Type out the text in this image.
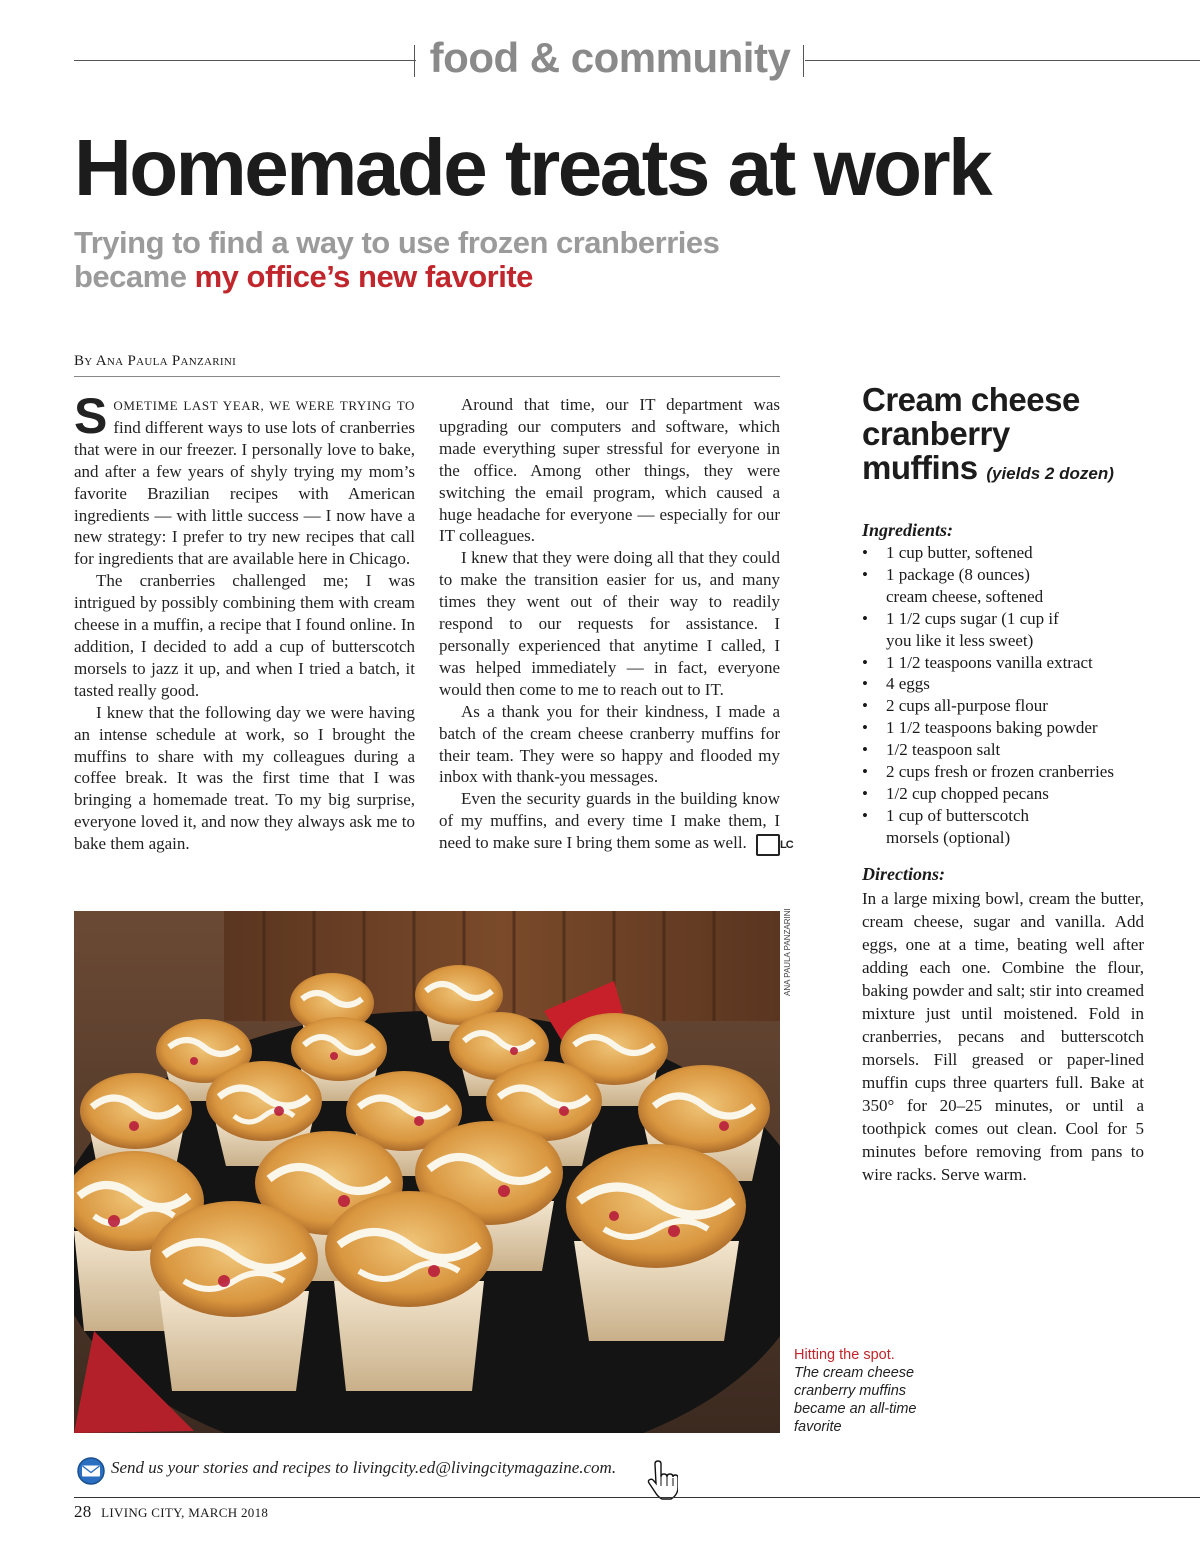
food & community
Homemade treats at work
Trying to find a way to use frozen cranberries became my office’s new favorite
By Ana Paula Panzarini

SOMETIME LAST YEAR, WE WERE TRYING TO find different ways to use lots of cranberries that were in our freezer. I personally love to bake, and after a few years of shyly trying my mom’s favorite Brazilian recipes with American ingredients — with little success — I now have a new strategy: I prefer to try new recipes that call for ingredients that are available here in Chicago.

The cranberries challenged me; I was intrigued by possibly combining them with cream cheese in a muffin, a recipe that I found online. In addition, I decided to add a cup of butterscotch morsels to jazz it up, and when I tried a batch, it tasted really good.

I knew that the following day we were having an intense schedule at work, so I brought the muffins to share with my colleagues during a coffee break. It was the first time that I was bringing a homemade treat. To my big surprise, everyone loved it, and now they always ask me to bake them again.

Around that time, our IT department was upgrading our computers and software, which made everything super stressful for everyone in the office. Among other things, they were switching the email program, which caused a huge headache for everyone — especially for our IT colleagues.

I knew that they were doing all that they could to make the transition easier for us, and many times they went out of their way to readily respond to our requests for assistance. I personally experienced that anytime I called, I was helped immediately — in fact, everyone would then come to me to reach out to IT.

As a thank you for their kindness, I made a batch of the cream cheese cranberry muffins for their team. They were so happy and flooded my inbox with thank-you messages.

Even the security guards in the building know of my muffins, and every time I make them, I need to make sure I bring them some as well.	LC

Cream cheese
cranberry
muffins (yields 2 dozen)
Ingredients:
• 1 cup butter, softened
• 1 package (8 ounces) cream cheese, softened
• 1 1/2 cups sugar (1 cup if you like it less sweet)
• 1 1/2 teaspoons vanilla extract
• 4 eggs
• 2 cups all-purpose flour
• 1 1/2 teaspoons baking powder
• 1/2 teaspoon salt
• 2 cups fresh or frozen cranberries
• 1/2 cup chopped pecans
• 1 cup of butterscotch morsels (optional)
Directions:

In a large mixing bowl, cream the butter, cream cheese, sugar and vanilla. Add eggs, one at a time, beating well after adding each one. Combine the flour, baking powder and salt; stir into creamed mixture just until moistened. Fold in cranberries, pecans and butterscotch morsels. Fill greased or paper-lined muffin cups three quarters full. Bake at 350° for 20–25 minutes, or until a toothpick comes out clean. Cool for 5 minutes before removing from pans to wire racks. Serve warm.

ANA PAULA PANZARINI
Hitting the spot.
The cream cheese cranberry muffins became an all-time favorite
Send us your stories and recipes to livingcity.ed@livingcitymagazine.com.
28 LIVING CITY, MARCH 2018
